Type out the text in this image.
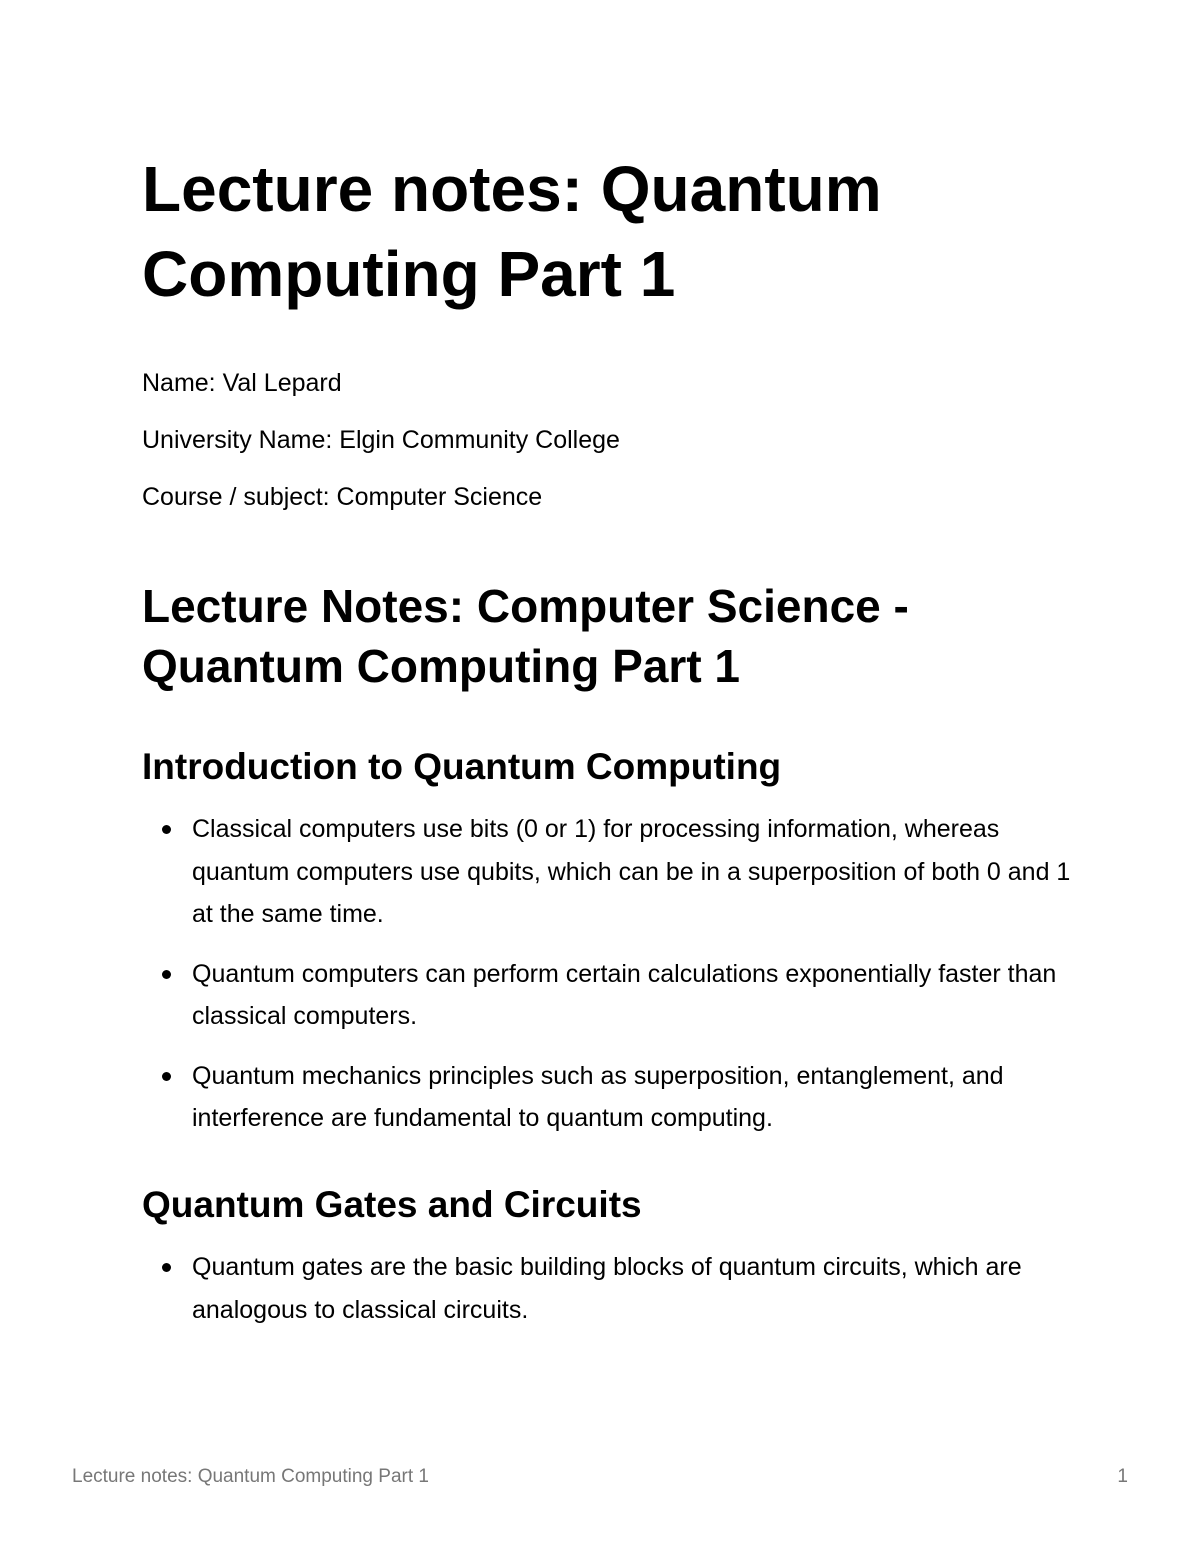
Lecture notes: Quantum Computing Part 1

Name: Val Lepard

University Name: Elgin Community College

Course / subject: Computer Science

Lecture Notes: Computer Science - Quantum Computing Part 1
Introduction to Quantum Computing
Classical computers use bits (0 or 1) for processing information, whereas quantum computers use qubits, which can be in a superposition of both 0 and 1 at the same time.
Quantum computers can perform certain calculations exponentially faster than classical computers.
Quantum mechanics principles such as superposition, entanglement, and interference are fundamental to quantum computing.
Quantum Gates and Circuits
Quantum gates are the basic building blocks of quantum circuits, which are analogous to classical circuits.
Lecture notes: Quantum Computing Part 1	1
